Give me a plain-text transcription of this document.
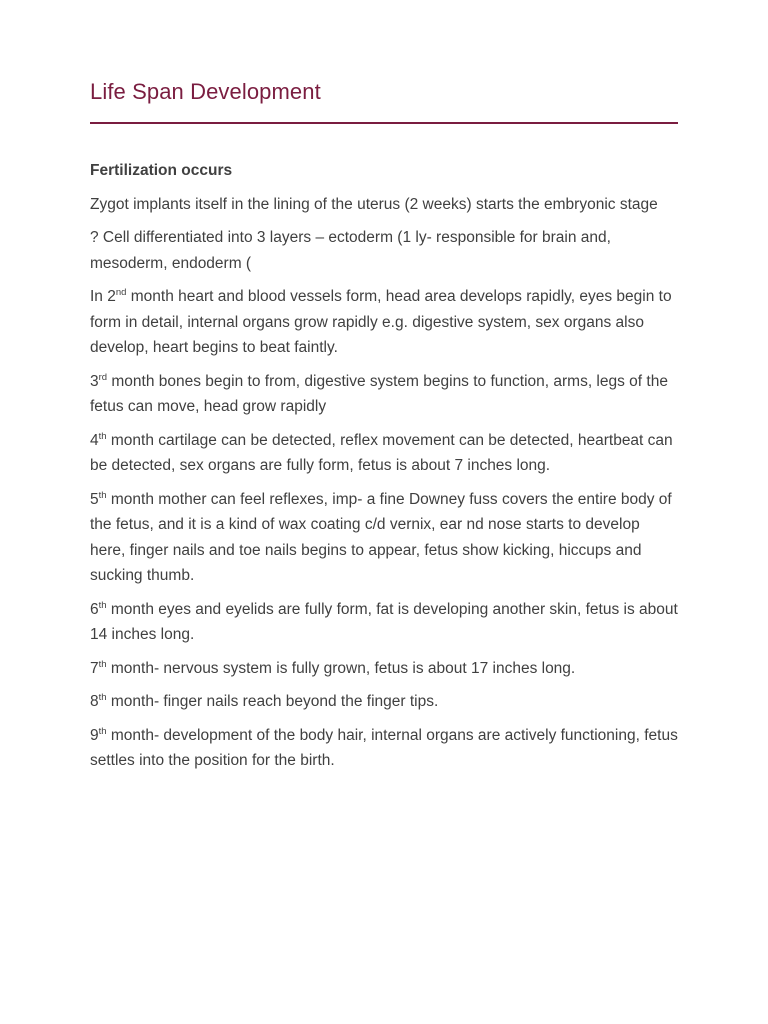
Life Span Development

Fertilization occurs

Zygot implants itself in the lining of the uterus (2 weeks) starts the embryonic stage

? Cell differentiated into 3 layers – ectoderm (1 ly- responsible for brain and, mesoderm, endoderm (

In 2nd month heart and blood vessels form, head area develops rapidly, eyes begin to form in detail, internal organs grow rapidly e.g. digestive system, sex organs also develop, heart begins to beat faintly.

3rd month bones begin to from, digestive system begins to function, arms, legs of the fetus can move, head grow rapidly

4th month cartilage can be detected, reflex movement can be detected, heartbeat can be detected, sex organs are fully form, fetus is about 7 inches long.

5th month mother can feel reflexes, imp- a fine Downey fuss covers the entire body of the fetus, and it is a kind of wax coating c/d vernix, ear nd nose starts to develop here, finger nails and toe nails begins to appear, fetus show kicking, hiccups and sucking thumb.

6th month eyes and eyelids are fully form, fat is developing another skin, fetus is about 14 inches long.

7th month- nervous system is fully grown, fetus is about 17 inches long.

8th month- finger nails reach beyond the finger tips.

9th month- development of the body hair, internal organs are actively functioning, fetus settles into the position for the birth.
